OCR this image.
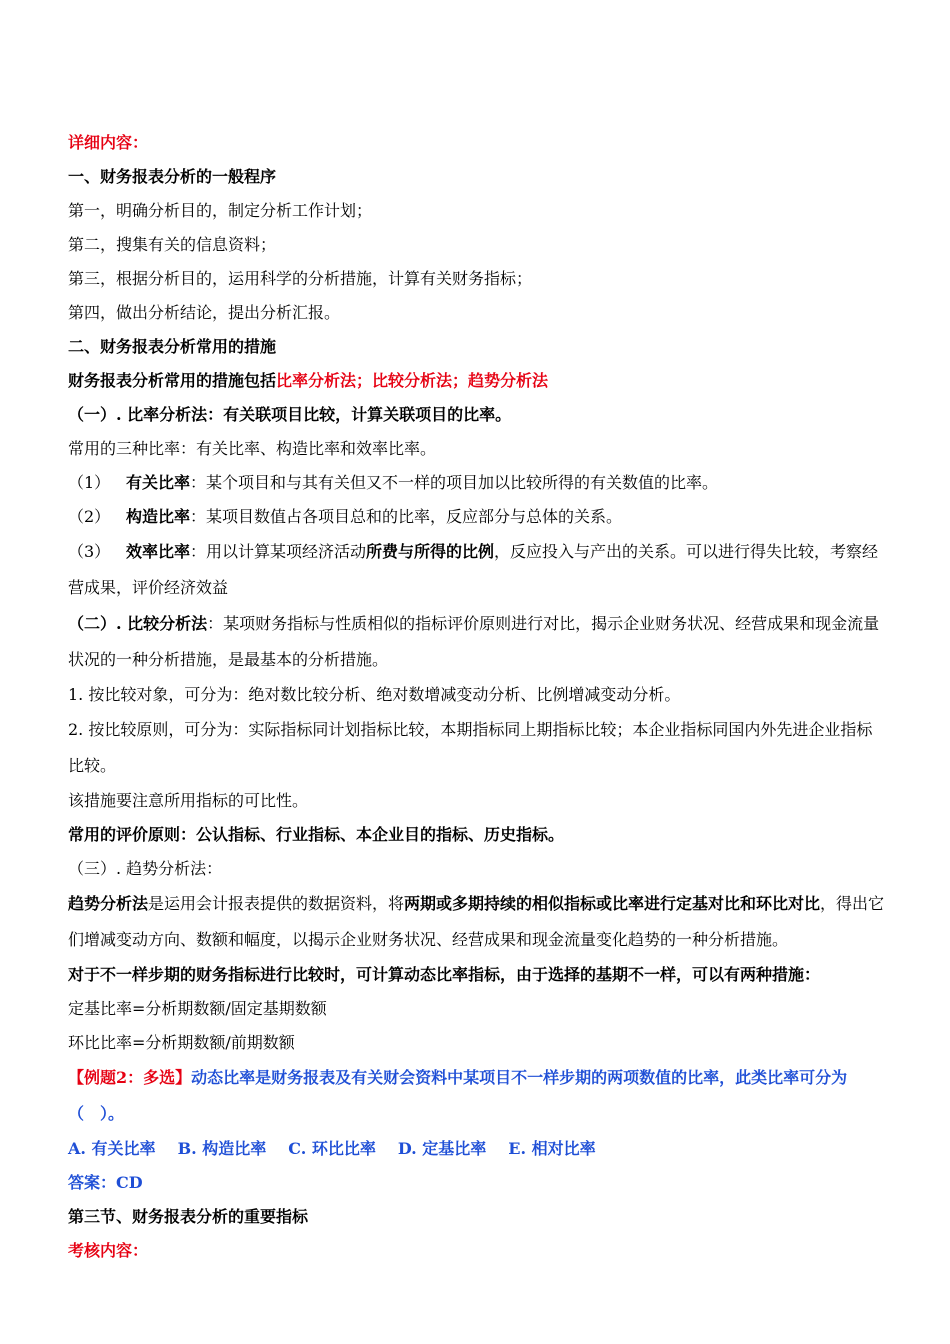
详细内容：

一、财务报表分析的一般程序

第一，明确分析目的，制定分析工作计划；

第二，搜集有关的信息资料；

第三，根据分析目的，运用科学的分析措施，计算有关财务指标；

第四，做出分析结论，提出分析汇报。

二、财务报表分析常用的措施

财务报表分析常用的措施包括比率分析法；比较分析法；趋势分析法

（一）. 比率分析法：有关联项目比较，计算关联项目的比率。

常用的三种比率：有关比率、构造比率和效率比率。

（1） 有关比率：某个项目和与其有关但又不一样的项目加以比较所得的有关数值的比率。

（2） 构造比率：某项目数值占各项目总和的比率，反应部分与总体的关系。

（3） 效率比率：用以计算某项经济活动所费与所得的比例，反应投入与产出的关系。可以进行得失比较，考察经营成果，评价经济效益

（二）. 比较分析法：某项财务指标与性质相似的指标评价原则进行对比，揭示企业财务状况、经营成果和现金流量状况的一种分析措施，是最基本的分析措施。

1. 按比较对象，可分为：绝对数比较分析、绝对数增减变动分析、比例增减变动分析。

2. 按比较原则，可分为：实际指标同计划指标比较，本期指标同上期指标比较；本企业指标同国内外先进企业指标比较。

该措施要注意所用指标的可比性。

常用的评价原则：公认指标、行业指标、本企业目的指标、历史指标。

（三）. 趋势分析法：

趋势分析法是运用会计报表提供的数据资料，将两期或多期持续的相似指标或比率进行定基对比和环比对比，得出它们增减变动方向、数额和幅度，以揭示企业财务状况、经营成果和现金流量变化趋势的一种分析措施。

对于不一样步期的财务指标进行比较时，可计算动态比率指标，由于选择的基期不一样，可以有两种措施：

定基比率=分析期数额/固定基期数额

环比比率=分析期数额/前期数额

【例题2：多选】动态比率是财务报表及有关财会资料中某项目不一样步期的两项数值的比率，此类比率可分为（　）。

A. 有关比率 B. 构造比率 C. 环比比率 D. 定基比率 E. 相对比率

答案：CD

第三节、财务报表分析的重要指标

考核内容：
